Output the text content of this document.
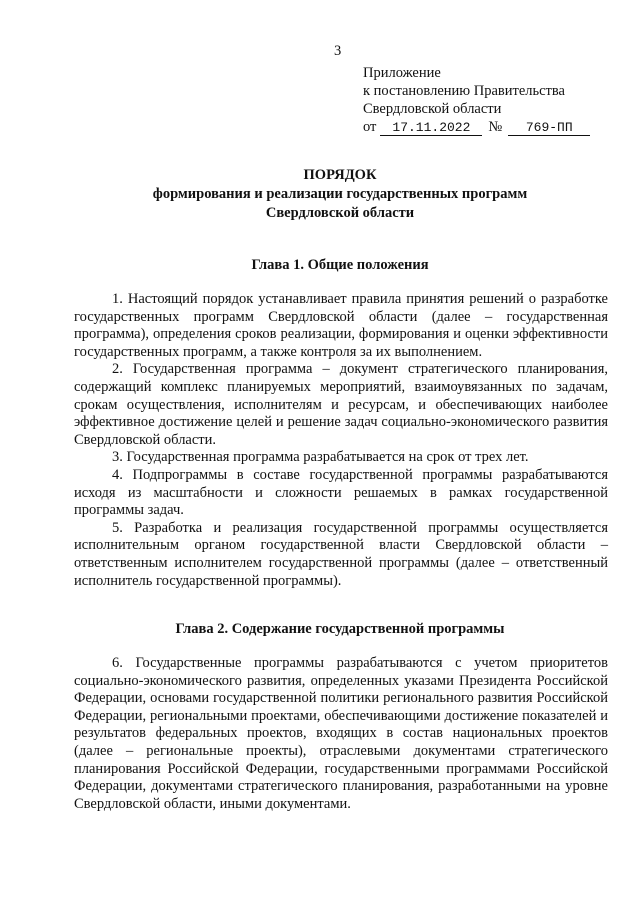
3
Приложение
к постановлению Правительства
Свердловской области
от	17.11.2022	№	769-ПП
ПОРЯДОК
формирования и реализации государственных программ
Свердловской области
Глава 1. Общие положения

1. Настоящий порядок устанавливает правила принятия решений о разработке государственных программ Свердловской области (далее – государственная программа), определения сроков реализации, формирования и оценки эффективности государственных программ, а также контроля за их выполнением.

2. Государственная программа – документ стратегического планирования, содержащий комплекс планируемых мероприятий, взаимоувязанных по задачам, срокам осуществления, исполнителям и ресурсам, и обеспечивающих наиболее эффективное достижение целей и решение задач социально-экономического развития Свердловской области.

3. Государственная программа разрабатывается на срок от трех лет.

4. Подпрограммы в составе государственной программы разрабатываются исходя из масштабности и сложности решаемых в рамках государственной программы задач.

5. Разработка и реализация государственной программы осуществляется исполнительным органом государственной власти Свердловской области – ответственным исполнителем государственной программы (далее – ответственный исполнитель государственной программы).

Глава 2. Содержание государственной программы

6. Государственные программы разрабатываются с учетом приоритетов социально-экономического развития, определенных указами Президента Российской Федерации, основами государственной политики регионального развития Российской Федерации, региональными проектами, обеспечивающими достижение показателей и результатов федеральных проектов, входящих в состав национальных проектов (далее – региональные проекты), отраслевыми документами стратегического планирования Российской Федерации, государственными программами Российской Федерации, документами стратегического планирования, разработанными на уровне Свердловской области, иными документами.
